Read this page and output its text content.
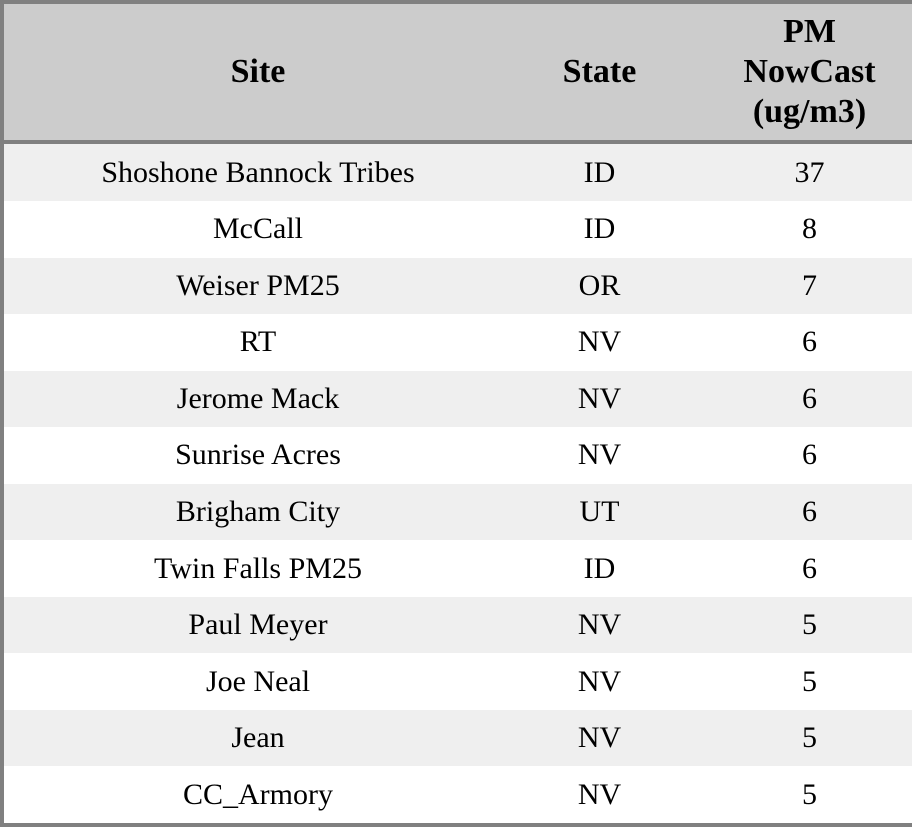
Site	State	PM
NowCast
(ug/m3)

Shoshone Bannock Tribes	ID	37
McCall	ID	8
Weiser PM25	OR	7
RT	NV	6
Jerome Mack	NV	6
Sunrise Acres	NV	6
Brigham City	UT	6
Twin Falls PM25	ID	6
Paul Meyer	NV	5
Joe Neal	NV	5
Jean	NV	5
CC_Armory	NV	5
